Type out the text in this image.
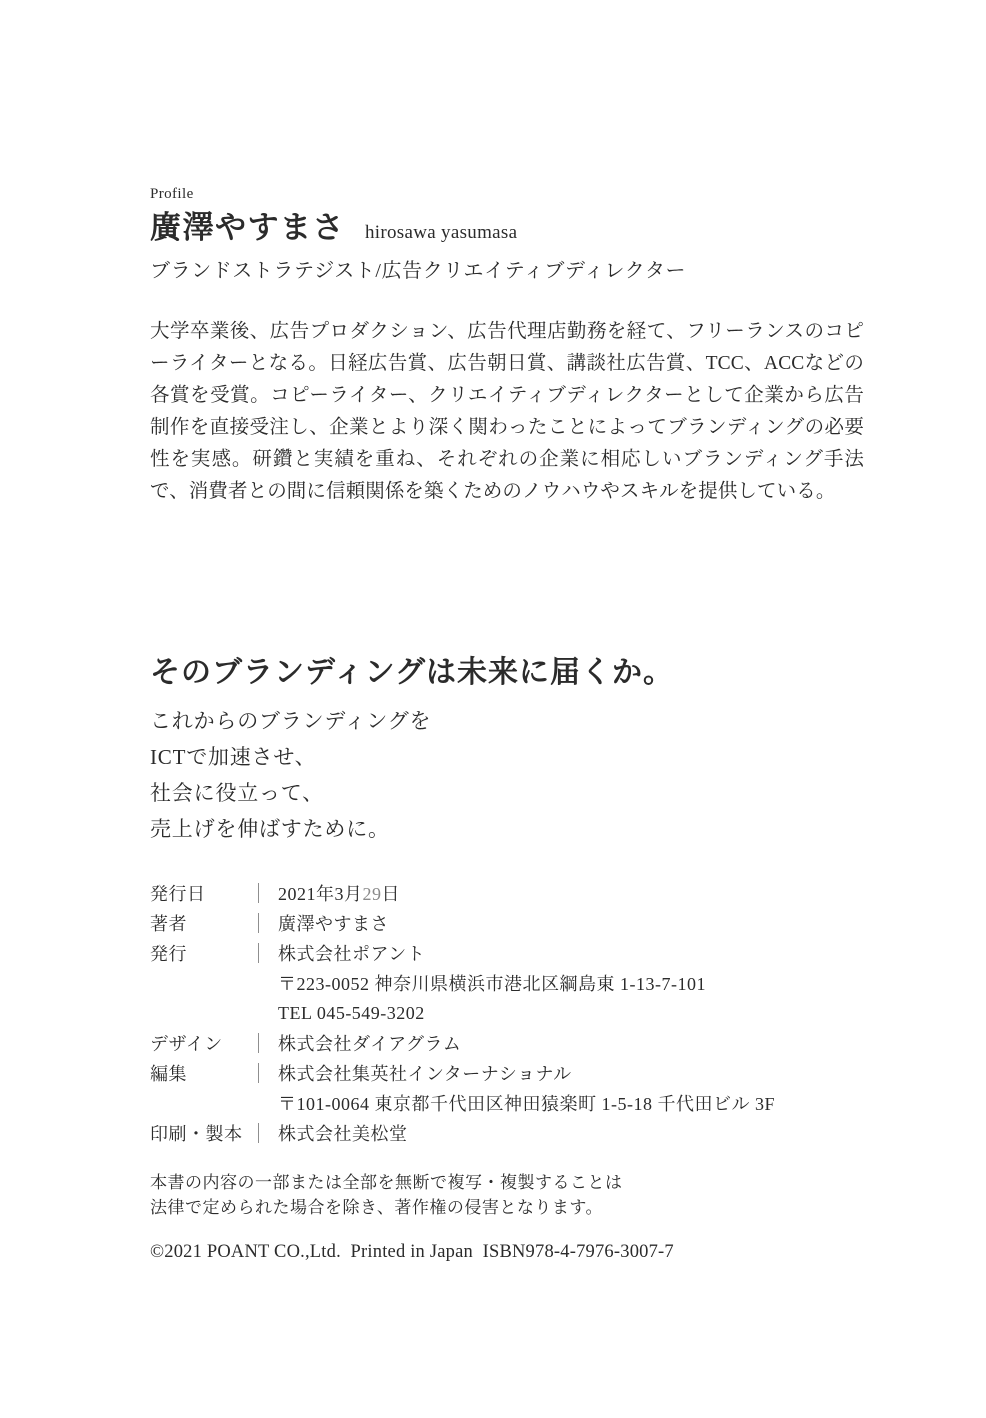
Profile
廣澤やすまさ hirosawa yasumasa
ブランドストラテジスト/広告クリエイティブディレクター

大学卒業後、広告プロダクション、広告代理店勤務を経て、フリーランスのコピーライターとなる。日経広告賞、広告朝日賞、講談社広告賞、TCC、ACCなどの各賞を受賞。コピーライター、クリエイティブディレクターとして企業から広告制作を直接受注し、企業とより深く関わったことによってブランディングの必要性を実感。研鑽と実績を重ね、それぞれの企業に相応しいブランディング手法で、消費者との間に信頼関係を築くためのノウハウやスキルを提供している。

そのブランディングは未来に届くか。
これからのブランディングを
ICTで加速させ、
社会に役立って、
売上げを伸ばすために。
発行日	2021年3月29日
著者	廣澤やすまさ
発行	株式会社ポアント
〒223-0052 神奈川県横浜市港北区綱島東 1-13-7-101
TEL 045-549-3202
デザイン	株式会社ダイアグラム
編集	株式会社集英社インターナショナル
〒101-0064 東京都千代田区神田猿楽町 1-5-18 千代田ビル 3F
印刷・製本	株式会社美松堂

本書の内容の一部または全部を無断で複写・複製することは
法律で定められた場合を除き、著作権の侵害となります。

©2021 POANT CO.,Ltd.  Printed in Japan  ISBN978-4-7976-3007-7
